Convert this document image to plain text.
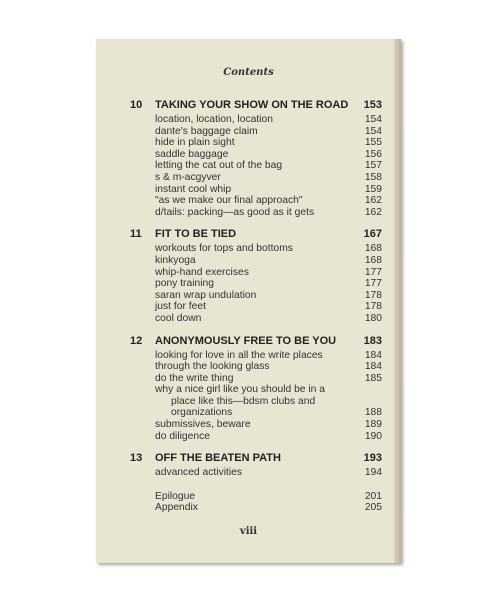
Contents
10 TAKING YOUR SHOW ON THE ROAD 153
location, location, location	154
dante's baggage claim	154
hide in plain sight	155
saddle baggage	156
letting the cat out of the bag	157
s & m-acgyver	158
instant cool whip	159
"as we make our final approach"	162
d/tails: packing—as good as it gets	162
11 FIT TO BE TIED	167
workouts for tops and bottoms	168
kinkyoga	168
whip-hand exercises	177
pony training	177
saran wrap undulation	178
just for feet	178
cool down	180
12 ANONYMOUSLY FREE TO BE YOU	183
looking for love in all the write places	184
through the looking glass	184
do the write thing	185
why a nice girl like you should be in a
place like this—bdsm clubs and
organizations	188
submissives, beware	189
do diligence	190
13 OFF THE BEATEN PATH	193
advanced activities	194
Epilogue	201
Appendix	205
viii
